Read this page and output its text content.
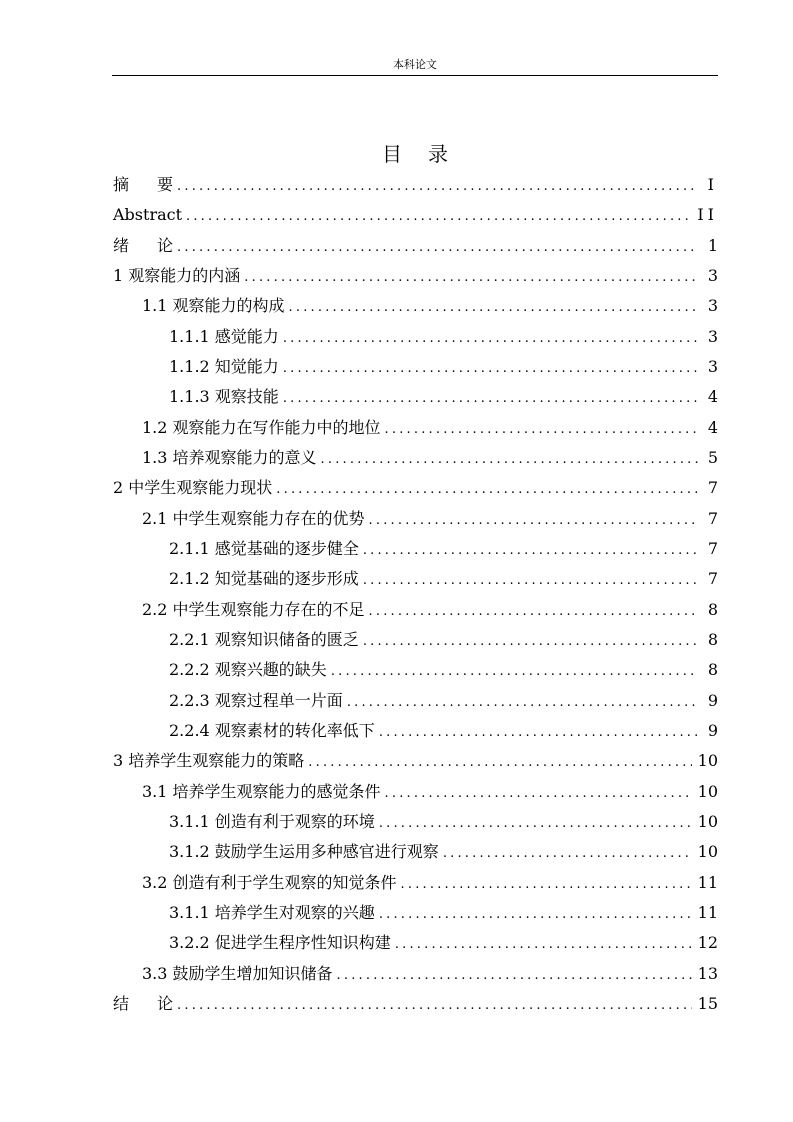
本科论文
目录
摘要 .....	I
Abstract .....	II
绪论 .....	1
1 观察能力的内涵 .....	3
1.1 观察能力的构成 .....	3
1.1.1 感觉能力 .....	3
1.1.2 知觉能力 .....	3
1.1.3 观察技能 .....	4
1.2 观察能力在写作能力中的地位 .....	4
1.3 培养观察能力的意义 .....	5
2 中学生观察能力现状 .....	7
2.1 中学生观察能力存在的优势 .....	7
2.1.1 感觉基础的逐步健全 .....	7
2.1.2 知觉基础的逐步形成 .....	7
2.2 中学生观察能力存在的不足 .....	8
2.2.1 观察知识储备的匮乏 .....	8
2.2.2 观察兴趣的缺失 .....	8
2.2.3 观察过程单一片面 .....	9
2.2.4 观察素材的转化率低下 .....	9
3 培养学生观察能力的策略 .....	10
3.1 培养学生观察能力的感觉条件 .....	10
3.1.1 创造有利于观察的环境 .....	10
3.1.2 鼓励学生运用多种感官进行观察 .....	10
3.2 创造有利于学生观察的知觉条件 .....	11
3.1.1 培养学生对观察的兴趣 .....	11
3.2.2 促进学生程序性知识构建 .....	12
3.3 鼓励学生增加知识储备 .....	13
结论 .....	15
